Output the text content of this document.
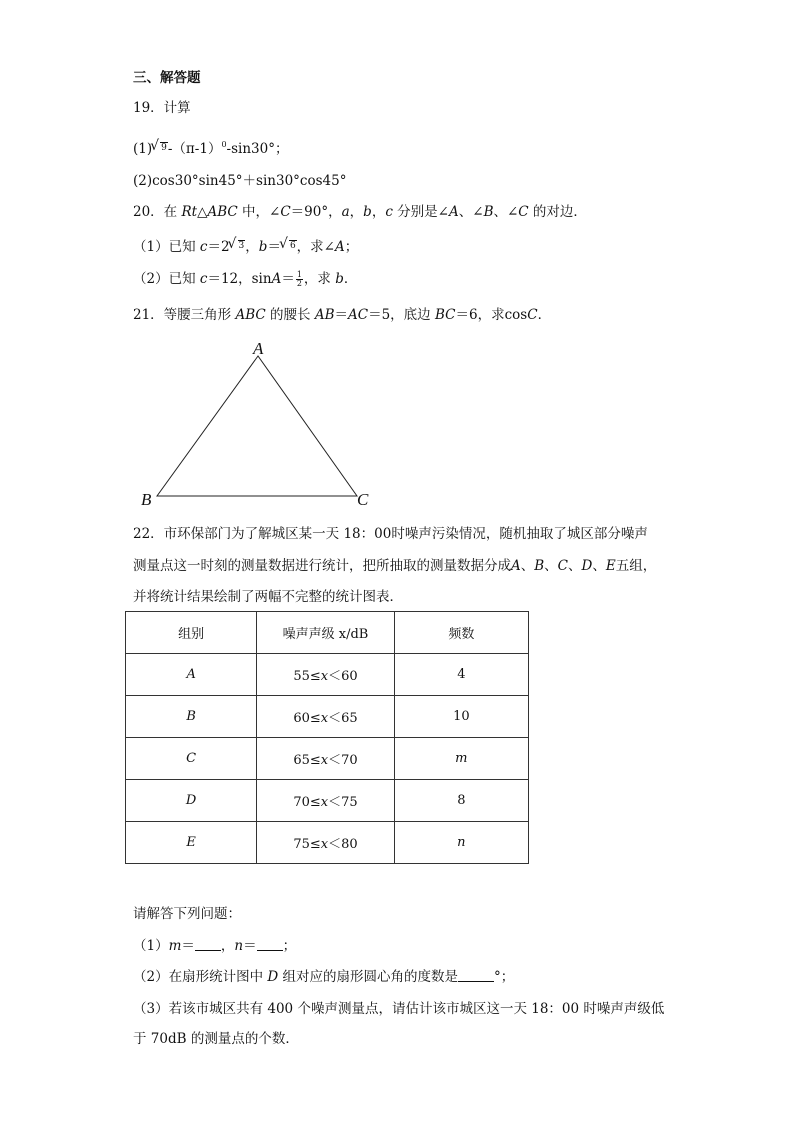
三、解答题
19．计算
(1) √ $^9-(\pi-1)^0-\sin 30^\circ$；
(2)cos30°sin45°＋sin30°cos45°
20．在 Rt△ABC 中，∠C＝90°，a，b，c 分别是∠A、∠B、∠C 的对边．
（1）已知 c＝2 √ $^3$，b＝ √ $^6$，求∠A；
（2）已知 c＝12，$\sin A= \frac{1}{2}$ ，求 b．
21．等腰三角形 ABC 的腰长 AB＝AC＝5，底边 BC＝6，求cosC．
A
B	C
22．市环保部门为了解城区某一天 18：00时噪声污染情况，随机抽取了城区部分噪声
测量点这一时刻的测量数据进行统计，把所抽取的测量数据分成A、B、C、D、E五组，
并将统计结果绘制了两幅不完整的统计图表．
组别	噪声声级 x/dB	频数
A	55≤x＜60	4
B	60≤x＜65	10
C	65≤x＜70	m
D	70≤x＜75	8
E	75≤x＜80	n
请解答下列问题：
（1）m＝ ，n＝ ；
（2）在扇形统计图中 D 组对应的扇形圆心角的度数是	°；
（3）若该市城区共有 400 个噪声测量点，请估计该市城区这一天 18：00 时噪声声级低
于 70dB 的测量点的个数．
